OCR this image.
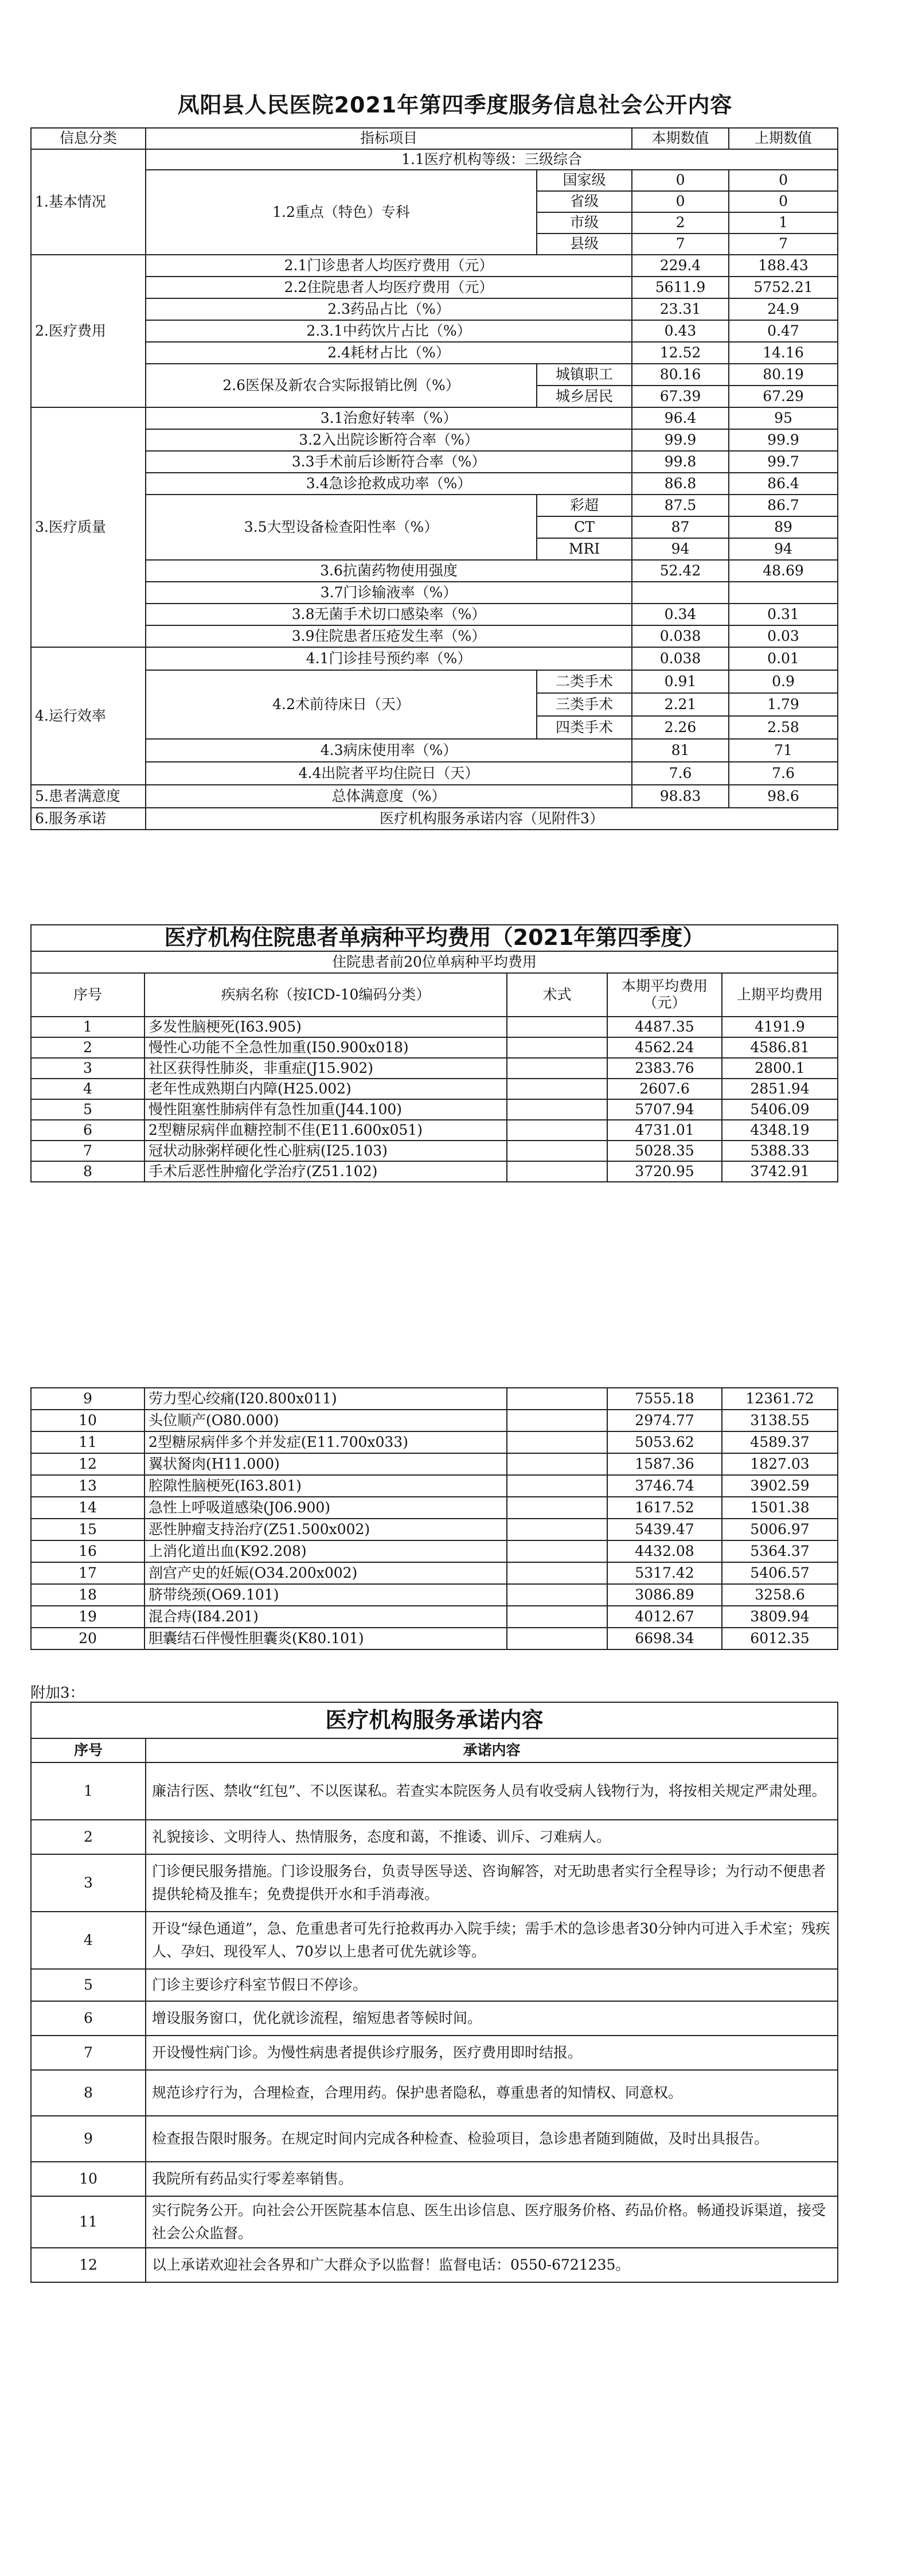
凤阳县人民医院2021年第四季度服务信息社会公开内容
信息分类	指标项目		本期数值	上期数值
1.基本情况	1.1医疗机构等级：三级综合			
	1.2重点（特色）专科	国家级	0	0
		省级	0	0
		市级	2	1
		县级	7	7
2.医疗费用	2.1门诊患者人均医疗费用（元）		229.4	188.43
	2.2住院患者人均医疗费用（元）		5611.9	5752.21
	2.3药品占比（%）		23.31	24.9
	2.3.1中药饮片占比（%）		0.43	0.47
	2.4耗材占比（%）		12.52	14.16
	2.6医保及新农合实际报销比例（%）	城镇职工	80.16	80.19
		城乡居民	67.39	67.29
3.医疗质量	3.1治愈好转率（%）		96.4	95
	3.2入出院诊断符合率（%）		99.9	99.9
	3.3手术前后诊断符合率（%）		99.8	99.7
	3.4急诊抢救成功率（%）		86.8	86.4
	3.5大型设备检查阳性率（%）	彩超	87.5	86.7
		CT	87	89
		MRI	94	94
	3.6抗菌药物使用强度		52.42	48.69
	3.7门诊输液率（%）			
	3.8无菌手术切口感染率（%）		0.34	0.31
	3.9住院患者压疮发生率（%）		0.038	0.03
4.运行效率	4.1门诊挂号预约率（%）		0.038	0.01
	4.2术前待床日（天）	二类手术	0.91	0.9
		三类手术	2.21	1.79
		四类手术	2.26	2.58
	4.3病床使用率（%）		81	71
	4.4出院者平均住院日（天）		7.6	7.6
5.患者满意度	总体满意度（%）		98.83	98.6
6.服务承诺	医疗机构服务承诺内容（见附件3）			
医疗机构住院患者单病种平均费用（2021年第四季度）				
住院患者前20位单病种平均费用				
序号	疾病名称（按ICD-10编码分类）	术式	本期平均费用（元）	上期平均费用
1	多发性脑梗死(I63.905)		4487.35	4191.9
2	慢性心功能不全急性加重(I50.900x018)		4562.24	4586.81
3	社区获得性肺炎，非重症(J15.902)		2383.76	2800.1
4	老年性成熟期白内障(H25.002)		2607.6	2851.94
5	慢性阻塞性肺病伴有急性加重(J44.100)		5707.94	5406.09
6	2型糖尿病伴血糖控制不佳(E11.600x051)		4731.01	4348.19
7	冠状动脉粥样硬化性心脏病(I25.103)		5028.35	5388.33
8	手术后恶性肿瘤化学治疗(Z51.102)		3720.95	3742.91
9	劳力型心绞痛(I20.800x011)		7555.18	12361.72
10	头位顺产(O80.000)		2974.77	3138.55
11	2型糖尿病伴多个并发症(E11.700x033)		5053.62	4589.37
12	翼状胬肉(H11.000)		1587.36	1827.03
13	腔隙性脑梗死(I63.801)		3746.74	3902.59
14	急性上呼吸道感染(J06.900)		1617.52	1501.38
15	恶性肿瘤支持治疗(Z51.500x002)		5439.47	5006.97
16	上消化道出血(K92.208)		4432.08	5364.37
17	剖宫产史的妊娠(O34.200x002)		5317.42	5406.57
18	脐带绕颈(O69.101)		3086.89	3258.6
19	混合痔(I84.201)		4012.67	3809.94
20	胆囊结石伴慢性胆囊炎(K80.101)		6698.34	6012.35
附加3：
医疗机构服务承诺内容	
序号	承诺内容
1	廉洁行医、禁收“红包”、不以医谋私。若查实本院医务人员有收受病人钱物行为，将按相关规定严肃处理。
2	礼貌接诊、文明待人、热情服务，态度和蔼，不推诿、训斥、刁难病人。
3	门诊便民服务措施。门诊设服务台，负责导医导送、咨询解答，对无助患者实行全程导诊；为行动不便患者提供轮椅及推车；免费提供开水和手消毒液。
4	开设“绿色通道”，急、危重患者可先行抢救再办入院手续；需手术的急诊患者30分钟内可进入手术室；残疾人、孕妇、现役军人、70岁以上患者可优先就诊等。
5	门诊主要诊疗科室节假日不停诊。
6	增设服务窗口，优化就诊流程，缩短患者等候时间。
7	开设慢性病门诊。为慢性病患者提供诊疗服务，医疗费用即时结报。
8	规范诊疗行为，合理检查，合理用药。保护患者隐私，尊重患者的知情权、同意权。
9	检查报告限时服务。在规定时间内完成各种检查、检验项目，急诊患者随到随做，及时出具报告。
10	我院所有药品实行零差率销售。
11	实行院务公开。向社会公开医院基本信息、医生出诊信息、医疗服务价格、药品价格。畅通投诉渠道，接受社会公众监督。
12	以上承诺欢迎社会各界和广大群众予以监督！监督电话：0550-6721235。
